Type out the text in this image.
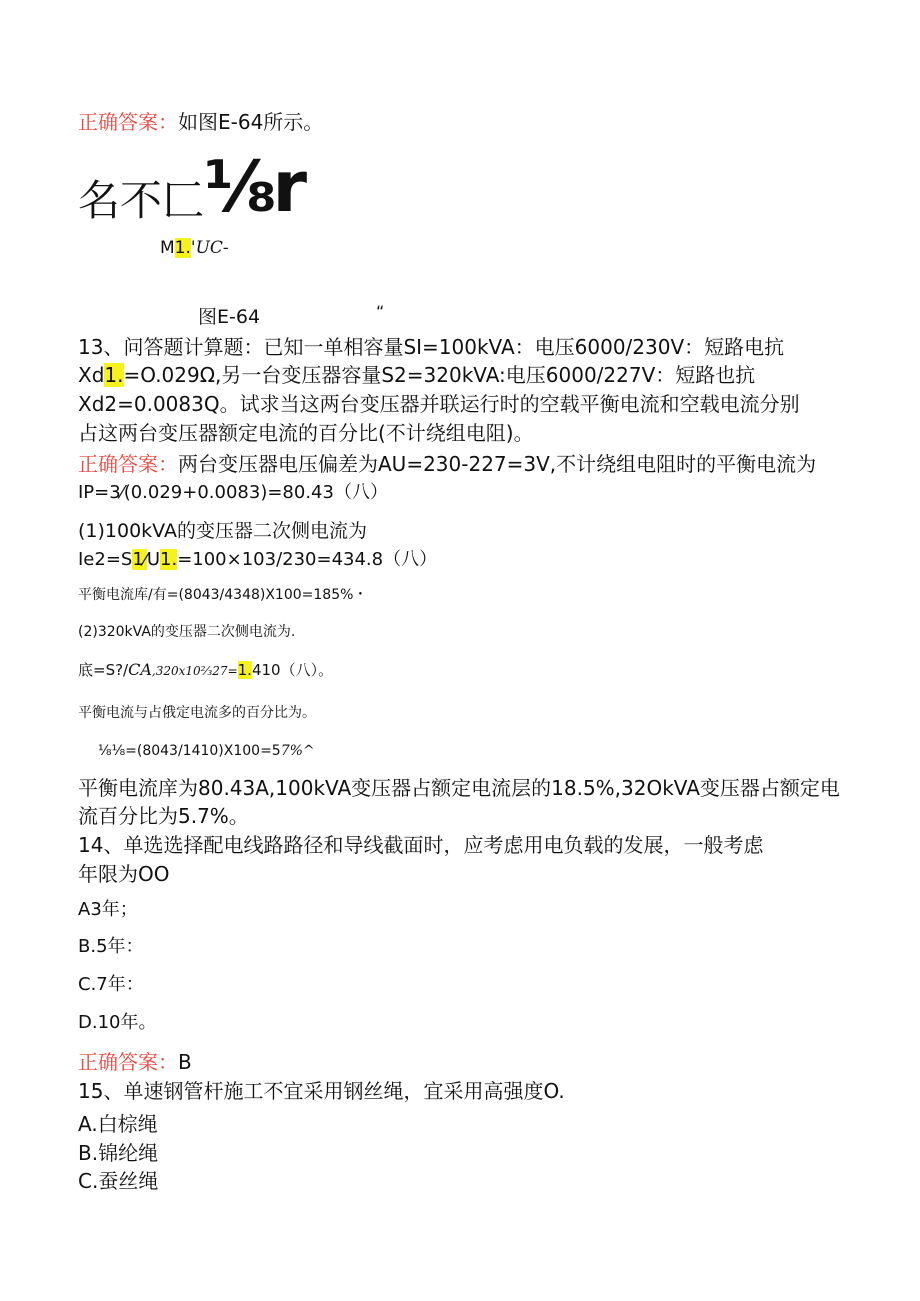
正确答案：如图E-64所示。
名不匚⅛r
M1.'UC-
图E-64	“
13、问答题计算题：已知一单相容量SI=100kVA：电压6000/230V：短路电抗
Xd1.=O.029Ω,另一台变压器容量S2=320kVA:电压6000/227V：短路也抗
Xd2=0.0083Q。试求当这两台变压器并联运行时的空载平衡电流和空载电流分别
占这两台变压器额定电流的百分比(不计绕组电阻)。
正确答案：两台变压器电压偏差为AU=230-227=3V,不计绕组电阻时的平衡电流为
IP=3⁄(0.029+0.0083)=80.43（八）
(1)100kVA的变压器二次侧电流为
Ie2=S1⁄U1.=100×103/230=434.8（八）
平衡电流库/有=(8043/4348)X100=185%・
(2)320kVA的变压器二次侧电流为.
底=S?/CA,320x10⅔27=1.410（八）。
平衡电流与占俄定电流多的百分比为。
⅛⅛=(8043/1410)X100=57%^
平衡电流庠为80.43A,100kVA变压器占额定电流层的18.5%,32OkVA变压器占额定电
流百分比为5.7%。
14、单选选择配电线路路径和导线截面时，应考虑用电负载的发展，一般考虑
年限为OO
A3年；
B.5年：
C.7年：
D.10年。
正确答案：B
15、单速钢管杆施工不宜采用钢丝绳，宜采用高强度O.
A.白棕绳
B.锦纶绳
C.蚕丝绳
